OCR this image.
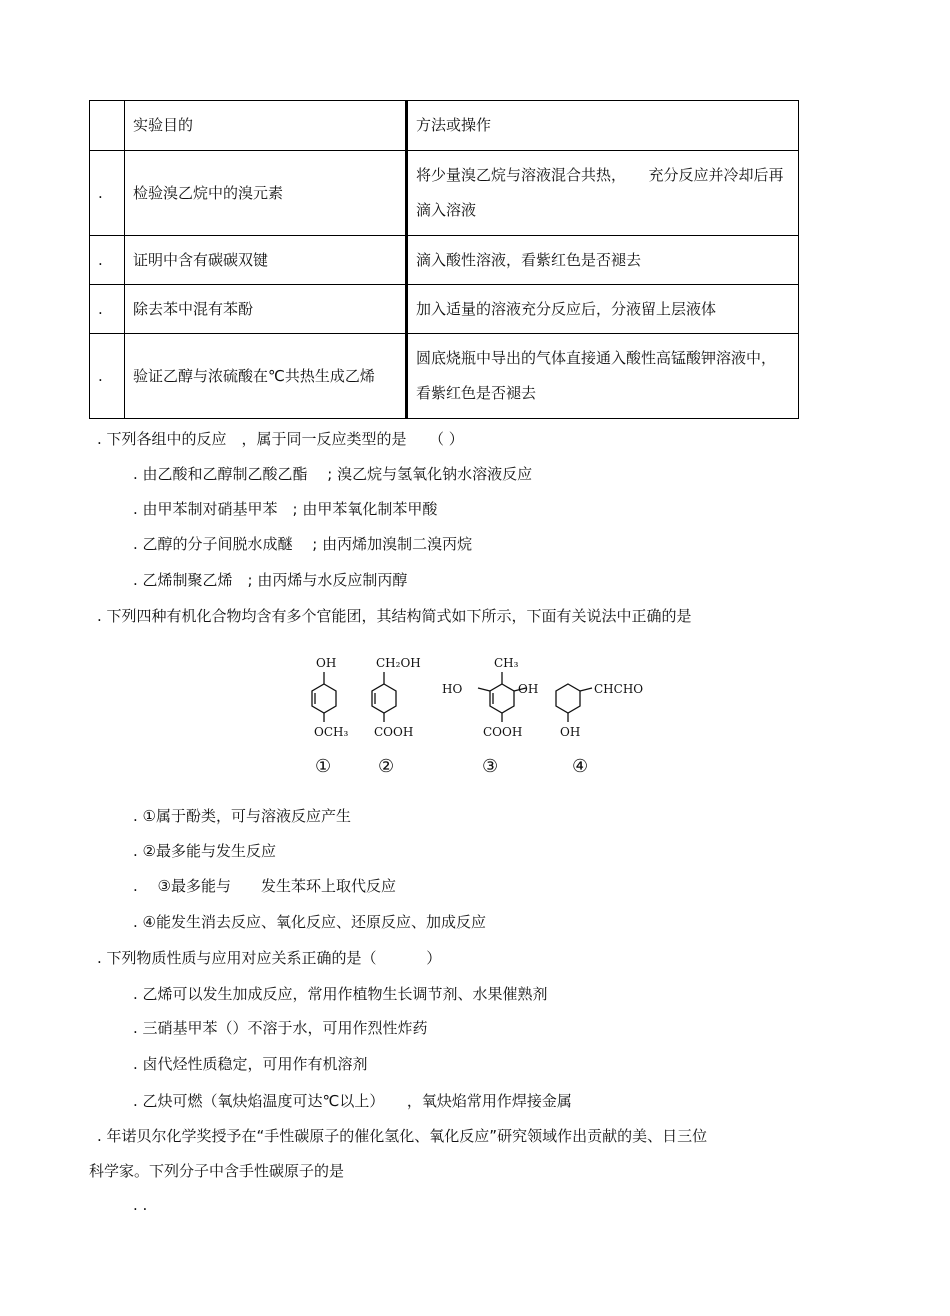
	实验目的	方法或操作
.	检验溴乙烷中的溴元素	将少量溴乙烷与溶液混合共热，　　充分反应并冷却后再滴入溶液
.	证明中含有碳碳双键	滴入酸性溶液，看紫红色是否褪去
.	除去苯中混有苯酚	加入适量的溶液充分反应后，分液留上层液体
.	验证乙醇与浓硫酸在℃共热生成乙烯	圆底烧瓶中导出的气体直接通入酸性高锰酸钾溶液中，看紫红色是否褪去
. 下列各组中的反应　，属于同一反应类型的是　　（ ）
. 由乙酸和乙醇制乙酸乙酯　 ; 溴乙烷与氢氧化钠水溶液反应
. 由甲苯制对硝基甲苯　; 由甲苯氧化制苯甲酸
. 乙醇的分子间脱水成醚　 ; 由丙烯加溴制二溴丙烷
. 乙烯制聚乙烯　; 由丙烯与水反应制丙醇
. 下列四种有机化合物均含有多个官能团，其结构简式如下所示，下面有关说法中正确的是
OH
OCH₃
①
CH₂OH
COOH
②
CH₃
HO	OH
COOH
③
CHCHO
OH
④
. ①属于酚类，可与溶液反应产生
. ②最多能与发生反应
.　 ③最多能与　　发生苯环上取代反应
. ④能发生消去反应、氧化反应、还原反应、加成反应
. 下列物质性质与应用对应关系正确的是（　　　 ）
. 乙烯可以发生加成反应，常用作植物生长调节剂、水果催熟剂
. 三硝基甲苯（）不溶于水，可用作烈性炸药
. 卤代烃性质稳定，可用作有机溶剂
. 乙炔可燃（氧炔焰温度可达℃以上）　　，氧炔焰常用作焊接金属
. 年诺贝尔化学奖授予在“手性碳原子的催化氢化、氧化反应”研究领域作出贡献的美、日三位
科学家。下列分子中含手性碳原子的是
. .
